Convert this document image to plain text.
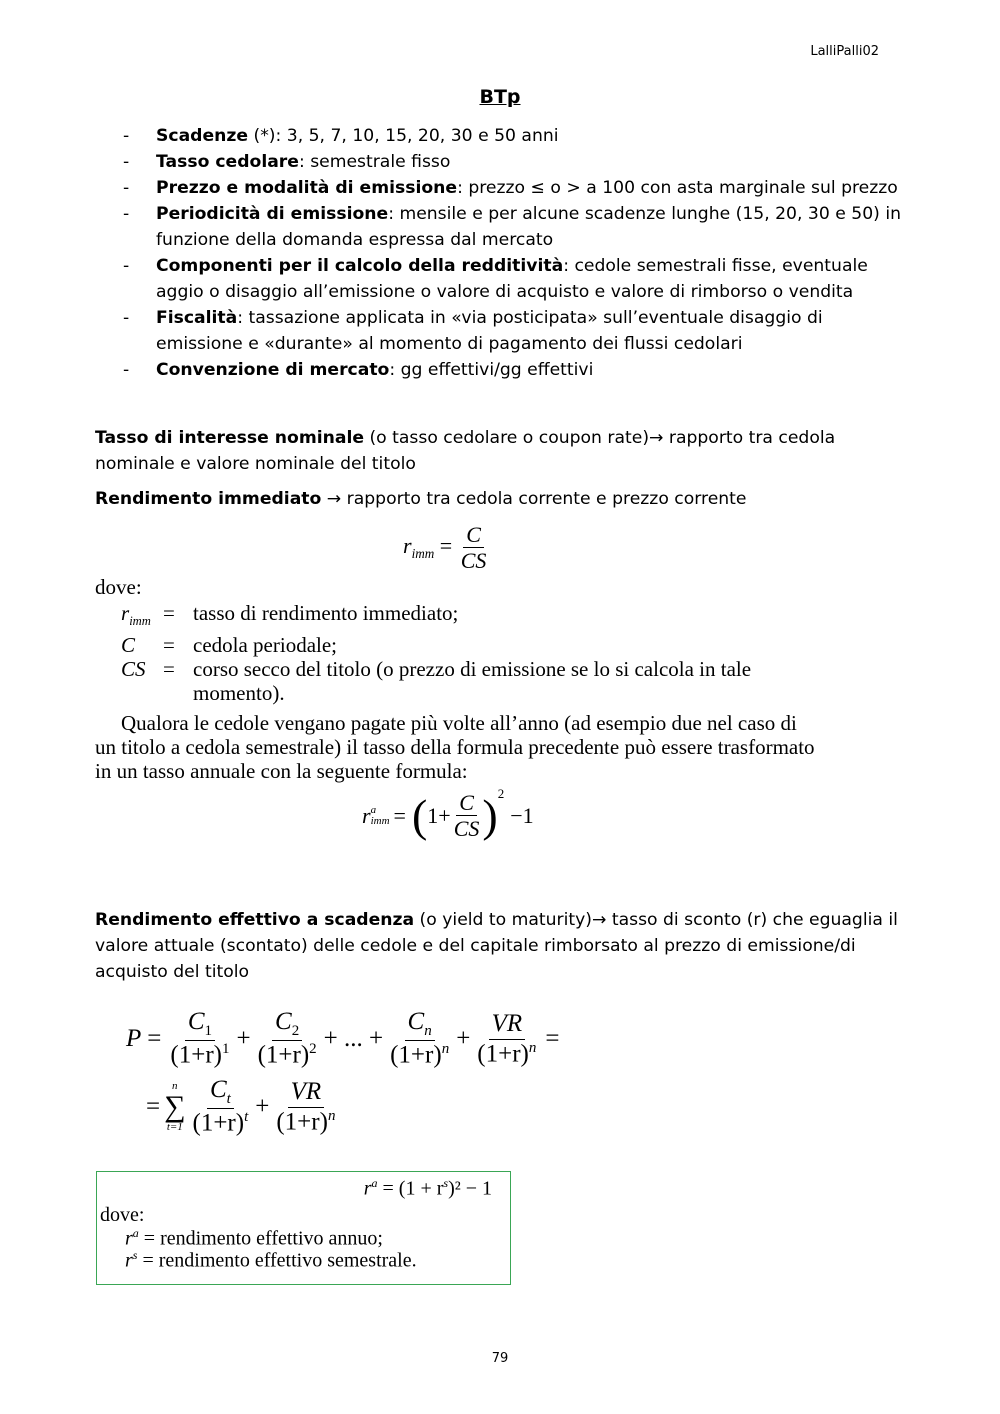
LalliPalli02
BTp
- Scadenze (*): 3, 5, 7, 10, 15, 20, 30 e 50 anni
- Tasso cedolare: semestrale fisso
- Prezzo e modalità di emissione: prezzo ≤ o > a 100 con asta marginale sul prezzo
- Periodicità di emissione: mensile e per alcune scadenze lunghe (15, 20, 30 e 50) in funzione della domanda espressa dal mercato
- Componenti per il calcolo della redditività: cedole semestrali fisse, eventuale aggio o disaggio all’emissione o valore di acquisto e valore di rimborso o vendita
- Fiscalità: tassazione applicata in «via posticipata» sull’eventuale disaggio di emissione e «durante» al momento di pagamento dei flussi cedolari
- Convenzione di mercato: gg effettivi/gg effettivi
Tasso di interesse nominale (o tasso cedolare o coupon rate)→ rapporto tra cedola nominale e valore nominale del titolo
Rendimento immediato → rapporto tra cedola corrente e prezzo corrente
$r_{imm} = \frac{C}{CS}$
dove:
$r_{imm}$	=	tasso di rendimento immediato;
C	=	cedola periodale;
CS	=	corso secco del titolo (o prezzo di emissione se lo si calcola in tale momento).
Qualora le cedole vengano pagate più volte all’anno (ad esempio due nel caso di un titolo a cedola semestrale) il tasso della formula precedente può essere trasformato in un tasso annuale con la seguente formula:
r a
imm = ( $1 + \frac{C}{CS}$ ) 2
−1
Rendimento effettivo a scadenza (o yield to maturity)→ tasso di sconto (r) che eguaglia il valore attuale (scontato) delle cedole e del capitale rimborsato al prezzo di emissione/di acquisto del titolo
$P = \frac{C_1}{(1+r)^1} + \frac{C_2}{(1+r)^2}$ + ... + $\frac{C_n}{(1+r)^n} + \frac{VR}{(1+r)^n}$ =
=
n
∑
$t=1 \frac{C_t}{(1+r)^t} + \frac{VR}{(1+r)^n}$
$r^a = (1 + r^s)^2 - 1$
dove:
$r^a$ = rendimento effettivo annuo;
$r^s$ = rendimento effettivo semestrale.
79
